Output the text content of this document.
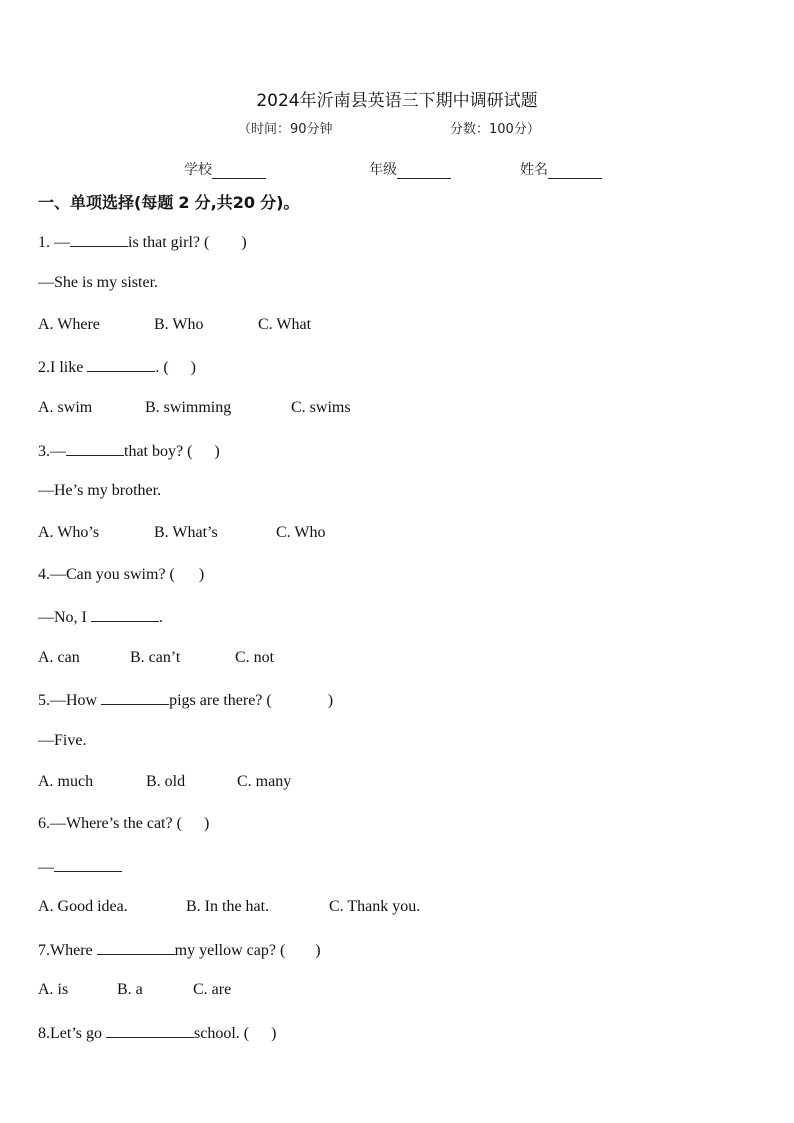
2024年沂南县英语三下期中调研试题
（时间：90分钟	分数：100分）
学校	年级	姓名
一、单项选择(每题 2 分,共20 分)。
1. —	is that girl? ( )
—She is my sister.
A. Where	B. Who	C. What
2.I like	. ( )
A. swim	B. swimming	C. swims
3.—	that boy? ( )
—He’s my brother.
A. Who’s	B. What’s	C. Who
4.—Can you swim? ( )
—No, I	.
A. can	B. can’t	C. not
5.—How	pigs are there? (	)
—Five.
A. much	B. old	C. many
6.—Where’s the cat? ( )
—
A. Good idea.	B. In the hat.	C. Thank you.
7.Where	my yellow cap? ( )
A. is	B. a	C. are
8.Let’s go	school. ( )
